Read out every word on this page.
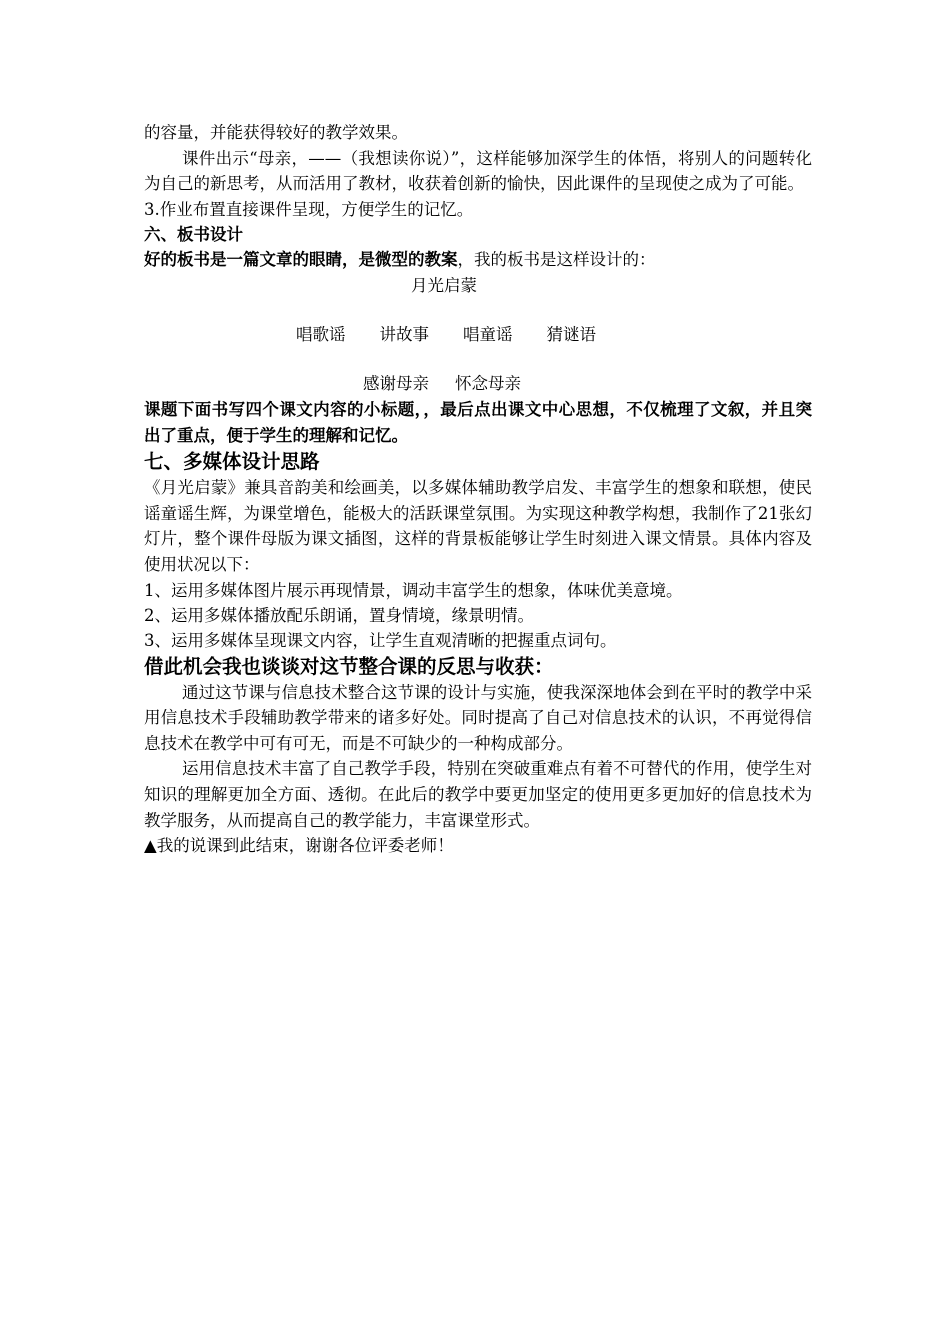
的容量，并能获得较好的教学效果。

课件出示“母亲，——（我想读你说）”，这样能够加深学生的体悟，将别人的问题转化为自己的新思考，从而活用了教材，收获着创新的愉快，因此课件的呈现使之成为了可能。

3.作业布置直接课件呈现，方便学生的记忆。

六、板书设计

好的板书是一篇文章的眼睛，是微型的教案，我的板书是这样设计的：

月光启蒙
唱歌谣 讲故事 唱童谣 猜谜语
感谢母亲 怀念母亲

课题下面书写四个课文内容的小标题，，最后点出课文中心思想，不仅梳理了文叙，并且突出了重点，便于学生的理解和记忆。

七、多媒体设计思路

《月光启蒙》兼具音韵美和绘画美，以多媒体辅助教学启发、丰富学生的想象和联想，使民谣童谣生辉，为课堂增色，能极大的活跃课堂氛围。为实现这种教学构想，我制作了21张幻灯片，整个课件母版为课文插图，这样的背景板能够让学生时刻进入课文情景。具体内容及使用状况以下：

1、运用多媒体图片展示再现情景，调动丰富学生的想象，体味优美意境。

2、运用多媒体播放配乐朗诵，置身情境，缘景明情。

3、运用多媒体呈现课文内容，让学生直观清晰的把握重点词句。

借此机会我也谈谈对这节整合课的反思与收获：

通过这节课与信息技术整合这节课的设计与实施，使我深深地体会到在平时的教学中采用信息技术手段辅助教学带来的诸多好处。同时提高了自己对信息技术的认识，不再觉得信息技术在教学中可有可无，而是不可缺少的一种构成部分。

运用信息技术丰富了自己教学手段，特别在突破重难点有着不可替代的作用，使学生对知识的理解更加全方面、透彻。在此后的教学中要更加坚定的使用更多更加好的信息技术为教学服务，从而提高自己的教学能力，丰富课堂形式。

▲我的说课到此结束，谢谢各位评委老师！
